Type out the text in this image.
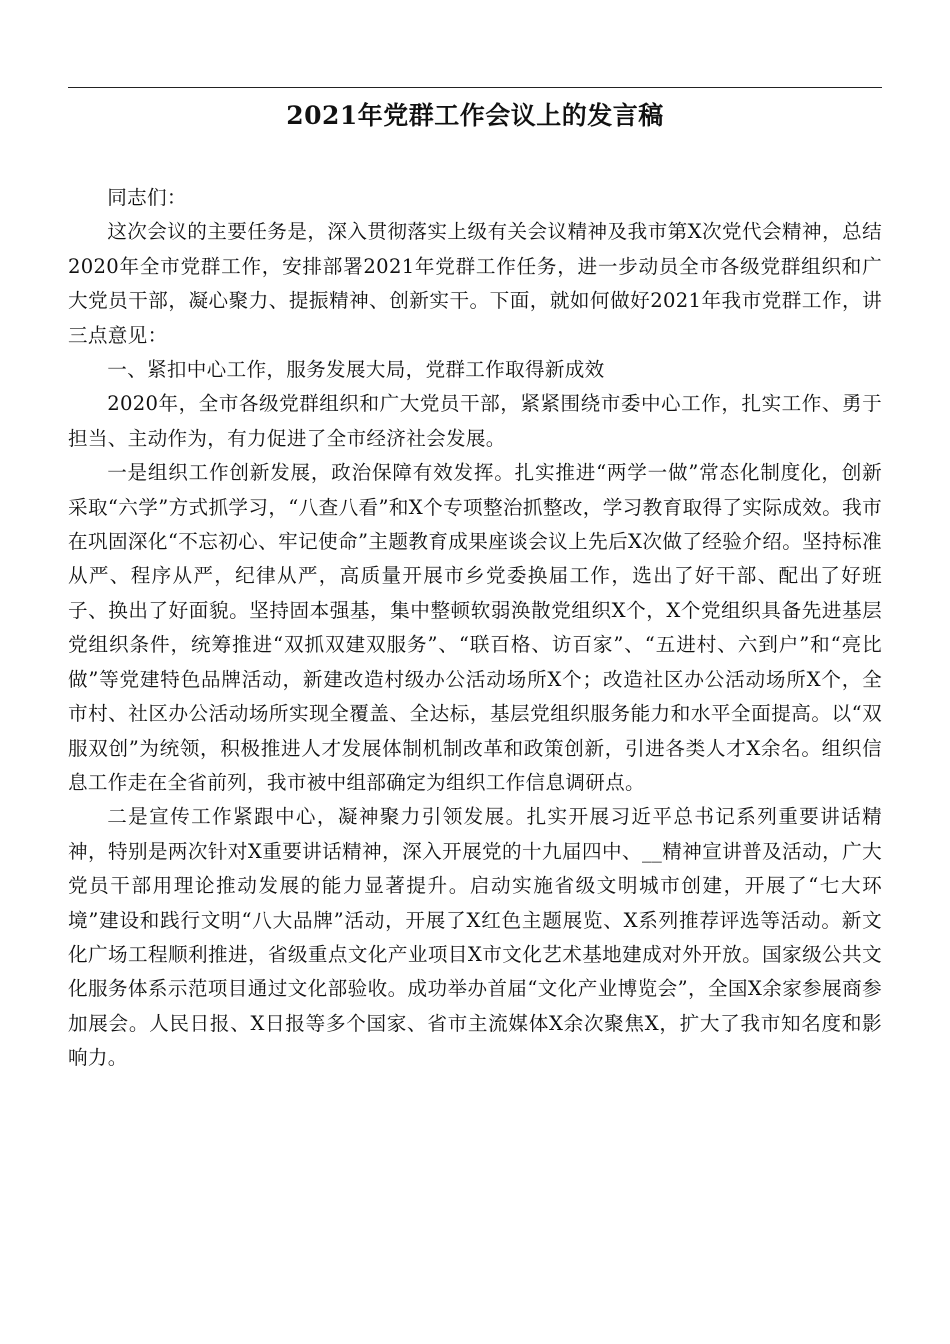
2021年党群工作会议上的发言稿

同志们：

这次会议的主要任务是，深入贯彻落实上级有关会议精神及我市第X次党代会精神，总结2020年全市党群工作，安排部署2021年党群工作任务，进一步动员全市各级党群组织和广大党员干部，凝心聚力、提振精神、创新实干。下面，就如何做好2021年我市党群工作，讲三点意见：

一、紧扣中心工作，服务发展大局，党群工作取得新成效

2020年，全市各级党群组织和广大党员干部，紧紧围绕市委中心工作，扎实工作、勇于担当、主动作为，有力促进了全市经济社会发展。

一是组织工作创新发展，政治保障有效发挥。扎实推进“两学一做”常态化制度化，创新采取“六学”方式抓学习，“八查八看”和X个专项整治抓整改，学习教育取得了实际成效。我市在巩固深化“不忘初心、牢记使命”主题教育成果座谈会议上先后X次做了经验介绍。坚持标准从严、程序从严，纪律从严，高质量开展市乡党委换届工作，选出了好干部、配出了好班子、换出了好面貌。坚持固本强基，集中整顿软弱涣散党组织X个，X个党组织具备先进基层党组织条件，统筹推进“双抓双建双服务”、“联百格、访百家”、“五进村、六到户”和“亮比做”等党建特色品牌活动，新建改造村级办公活动场所X个；改造社区办公活动场所X个，全市村、社区办公活动场所实现全覆盖、全达标，基层党组织服务能力和水平全面提高。以“双服双创”为统领，积极推进人才发展体制机制改革和政策创新，引进各类人才X余名。组织信息工作走在全省前列，我市被中组部确定为组织工作信息调研点。

二是宣传工作紧跟中心，凝神聚力引领发展。扎实开展习近平总书记系列重要讲话精神，特别是两次针对X重要讲话精神，深入开展党的十九届四中、__精神宣讲普及活动，广大党员干部用理论推动发展的能力显著提升。启动实施省级文明城市创建，开展了“七大环境”建设和践行文明“八大品牌”活动，开展了X红色主题展览、X系列推荐评选等活动。新文化广场工程顺利推进，省级重点文化产业项目X市文化艺术基地建成对外开放。国家级公共文化服务体系示范项目通过文化部验收。成功举办首届“文化产业博览会”，全国X余家参展商参加展会。人民日报、X日报等多个国家、省市主流媒体X余次聚焦X，扩大了我市知名度和影响力。
